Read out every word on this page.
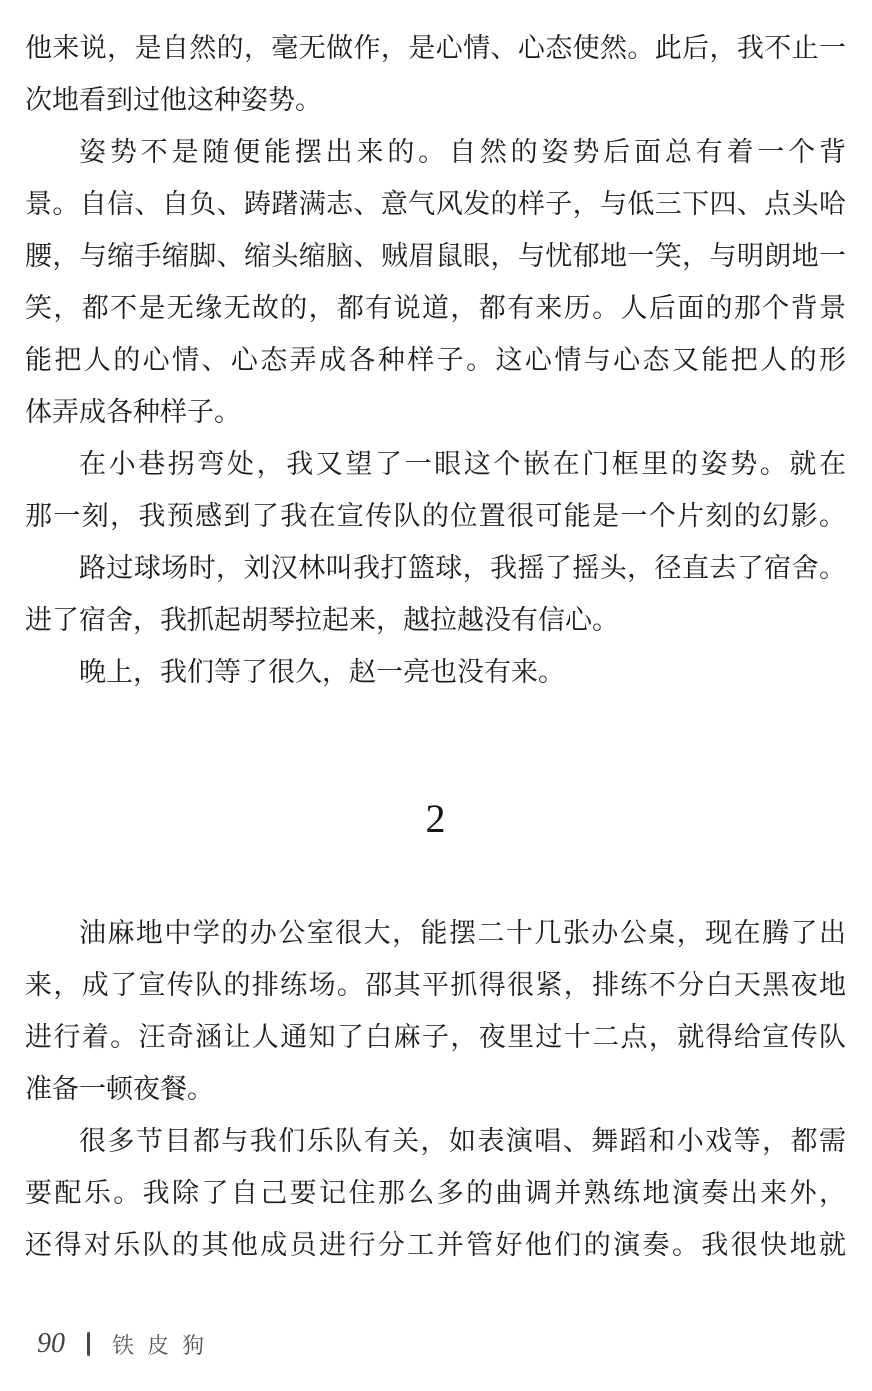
他来说，是自然的，毫无做作，是心情、心态使然。此后，我不止一
次地看到过他这种姿势。
姿势不是随便能摆出来的。自然的姿势后面总有着一个背
景。自信、自负、踌躇满志、意气风发的样子，与低三下四、点头哈
腰，与缩手缩脚、缩头缩脑、贼眉鼠眼，与忧郁地一笑，与明朗地一
笑，都不是无缘无故的，都有说道，都有来历。人后面的那个背景
能把人的心情、心态弄成各种样子。这心情与心态又能把人的形
体弄成各种样子。
在小巷拐弯处，我又望了一眼这个嵌在门框里的姿势。就在
那一刻，我预感到了我在宣传队的位置很可能是一个片刻的幻影。
路过球场时，刘汉林叫我打篮球，我摇了摇头，径直去了宿舍。
进了宿舍，我抓起胡琴拉起来，越拉越没有信心。
晚上，我们等了很久，赵一亮也没有来。
2
油麻地中学的办公室很大，能摆二十几张办公桌，现在腾了出
来，成了宣传队的排练场。邵其平抓得很紧，排练不分白天黑夜地
进行着。汪奇涵让人通知了白麻子，夜里过十二点，就得给宣传队
准备一顿夜餐。
很多节目都与我们乐队有关，如表演唱、舞蹈和小戏等，都需
要配乐。我除了自己要记住那么多的曲调并熟练地演奏出来外，
还得对乐队的其他成员进行分工并管好他们的演奏。我很快地就
90 铁皮狗
